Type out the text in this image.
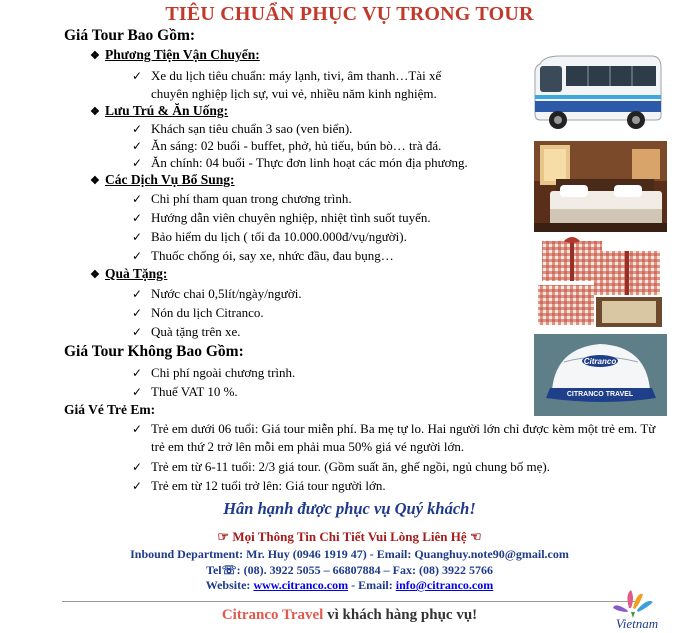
TIÊU CHUẨN PHỤC VỤ TRONG TOUR
Giá Tour Bao Gồm:
❖ Phương Tiện Vận Chuyển:
✓ Xe du lịch tiêu chuẩn: máy lạnh, tivi, âm thanh…Tài xế chuyên nghiệp lịch sự, vui vẻ, nhiều năm kinh nghiệm.
❖ Lưu Trú & Ăn Uống:
✓ Khách sạn tiêu chuẩn 3 sao (ven biển).
✓ Ăn sáng: 02 buổi - buffet, phở, hủ tiếu, bún bò… trà đá.
✓ Ăn chính: 04 buổi - Thực đơn linh hoạt các món địa phương.
❖ Các Dịch Vụ Bổ Sung:
✓ Chi phí tham quan trong chương trình.
✓ Hướng dẫn viên chuyên nghiệp, nhiệt tình suốt tuyến.
✓ Bảo hiểm du lịch ( tối đa 10.000.000đ/vụ/người).
✓ Thuốc chống ói, say xe, nhức đầu, đau bụng…
❖ Quà Tặng:
✓ Nước chai 0,5lít/ngày/người.
✓ Nón du lịch Citranco.
✓ Quà tặng trên xe.
Giá Tour Không Bao Gồm:
✓ Chi phí ngoài chương trình.
✓ Thuế VAT 10 %.
Giá Vé Trẻ Em:
✓ Trẻ em dưới 06 tuổi: Giá tour miễn phí. Ba mẹ tự lo. Hai người lớn chỉ được kèm một trẻ em. Từ trẻ em thứ 2 trở lên mỗi em phải mua 50% giá vé người lớn.
✓ Trẻ em từ 6-11 tuổi: 2/3 giá tour. (Gồm suất ăn, ghế ngồi, ngủ chung bố mẹ).
✓ Trẻ em từ 12 tuổi trở lên: Giá tour người lớn.
Citranco
CITRANCO TRAVEL
Hân hạnh được phục vụ Quý khách!
☞ Mọi Thông Tin Chi Tiết Vui Lòng Liên Hệ ☜
Inbound Department: Mr. Huy (0946 1919 47) - Email: Quanghuy.note90@gmail.com
Tel☏: (08). 3922 5055 – 66807884 – Fax: (08) 3922 5766
Website: www.citranco.com - Email: info@citranco.com
Citranco Travel vì khách hàng phục vụ!
Vietnam
